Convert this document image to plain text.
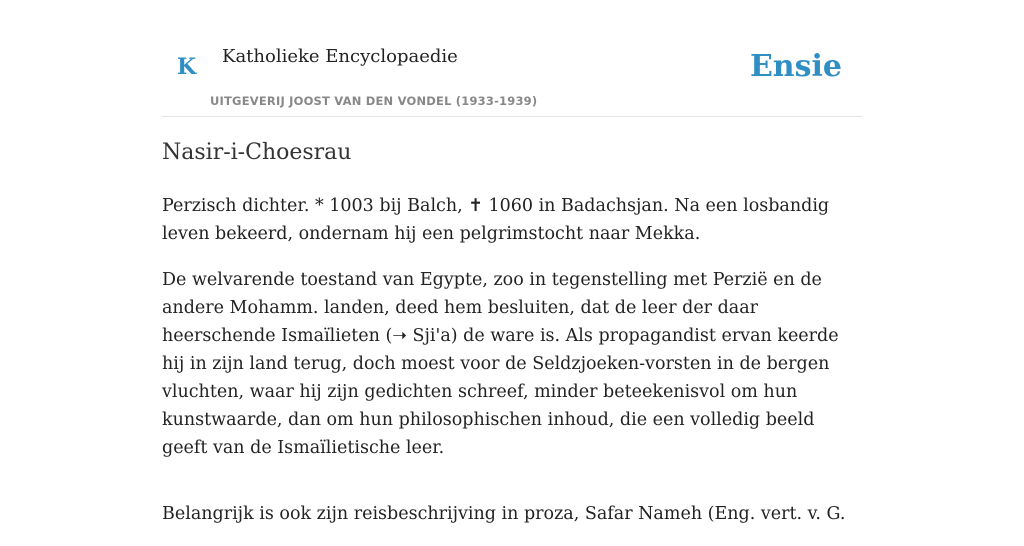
K Katholieke Encyclopaedie
UITGEVERIJ JOOST VAN DEN VONDEL (1933-1939)
Ensie
Nasir-i-Choesrau

Perzisch dichter. * 1003 bij Balch, ✝ 1060 in Badachsjan. Na een losbandig leven bekeerd, ondernam hij een pelgrimstocht naar Mekka.

De welvarende toestand van Egypte, zoo in tegenstelling met Perzië en de andere Mohamm. landen, deed hem besluiten, dat de leer der daar heerschende Ismaïlieten (➝ Sji'a) de ware is. Als propagandist ervan keerde hij in zijn land terug, doch moest voor de Seldzjoeken-vorsten in de bergen vluchten, waar hij zijn gedichten schreef, minder beteekenisvol om hun kunstwaarde, dan om hun philosophischen inhoud, die een volledig beeld geeft van de Ismaïlietische leer.

Belangrijk is ook zijn reisbeschrijving in proza, Safar Nameh (Eng. vert. v. G.
